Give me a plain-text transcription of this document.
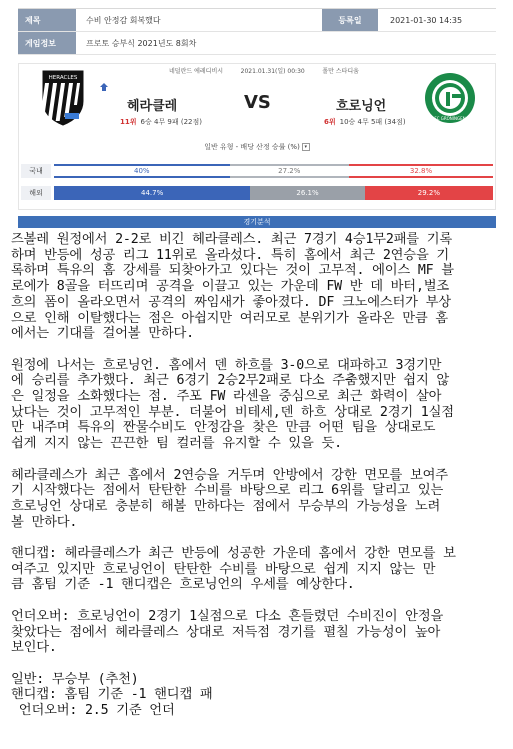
제목	수비 안정감 회복했다	등록일	2021-01-30 14:35
게임정보	프로토 승부식 2021년도 8회차
HERACLES
네덜란드 에레디비시	2021.01.31(일) 00:30	폴만 스타디움
헤라클레	VS	흐로닝언
11위 6승 4무 9패 (22점)	6위 10승 4무 5패 (34점)	FC GRONINGEN
일반 유형 - 배당 산정 승률 (%) ▾
국내	40%	27.2%	32.8%
해외	44.7%	26.1%	29.2%
경기분석
즈볼레 원정에서 2-2로 비긴 헤라클레스. 최근 7경기 4승1무2패를 기록
하며 반등에 성공 리그 11위로 올라섰다. 특히 홈에서 최근 2연승을 기
록하며 특유의 홈 강세를 되찾아가고 있다는 것이 고무적. 에이스 MF 블
로에가 8골을 터뜨리며 공격을 이끌고 있는 가운데 FW 반 데 바터,벌조
흐의 폼이 올라오면서 공격의 짜임새가 좋아졌다. DF 크노에스터가 부상
으로 인해 이탈했다는 점은 아쉽지만 여러모로 분위기가 올라온 만큼 홈
에서는 기대를 걸어볼 만하다.
원정에 나서는 흐로닝언. 홈에서 덴 하흐를 3-0으로 대파하고 3경기만
에 승리를 추가했다. 최근 6경기 2승2무2패로 다소 주춤했지만 쉽지 않
은 일정을 소화했다는 점. 주포 FW 라센을 중심으로 최근 화력이 살아
났다는 것이 고무적인 부분. 더불어 비테세,덴 하흐 상대로 2경기 1실점
만 내주며 특유의 짠물수비도 안정감을 찾은 만큼 어떤 팀을 상대로도
쉽게 지지 않는 끈끈한 팀 컬러를 유지할 수 있을 듯.
헤라클레스가 최근 홈에서 2연승을 거두며 안방에서 강한 면모를 보여주
기 시작했다는 점에서 탄탄한 수비를 바탕으로 리그 6위를 달리고 있는
흐로닝언 상대로 충분히 해볼 만하다는 점에서 무승부의 가능성을 노려
볼 만하다.
핸디캡: 헤라클레스가 최근 반등에 성공한 가운데 홈에서 강한 면모를 보
여주고 있지만 흐로닝언이 탄탄한 수비를 바탕으로 쉽게 지지 않는 만
큼 홈팀 기준 -1 핸디캡은 흐로닝언의 우세를 예상한다.
언더오버: 흐로닝언이 2경기 1실점으로 다소 흔들렸던 수비진이 안정을
찾았다는 점에서 헤라클레스 상대로 저득점 경기를 펼칠 가능성이 높아
보인다.
일반: 무승부 (추천)
핸디캡: 홈팀 기준 -1 핸디캡 패
언더오버: 2.5 기준 언더
